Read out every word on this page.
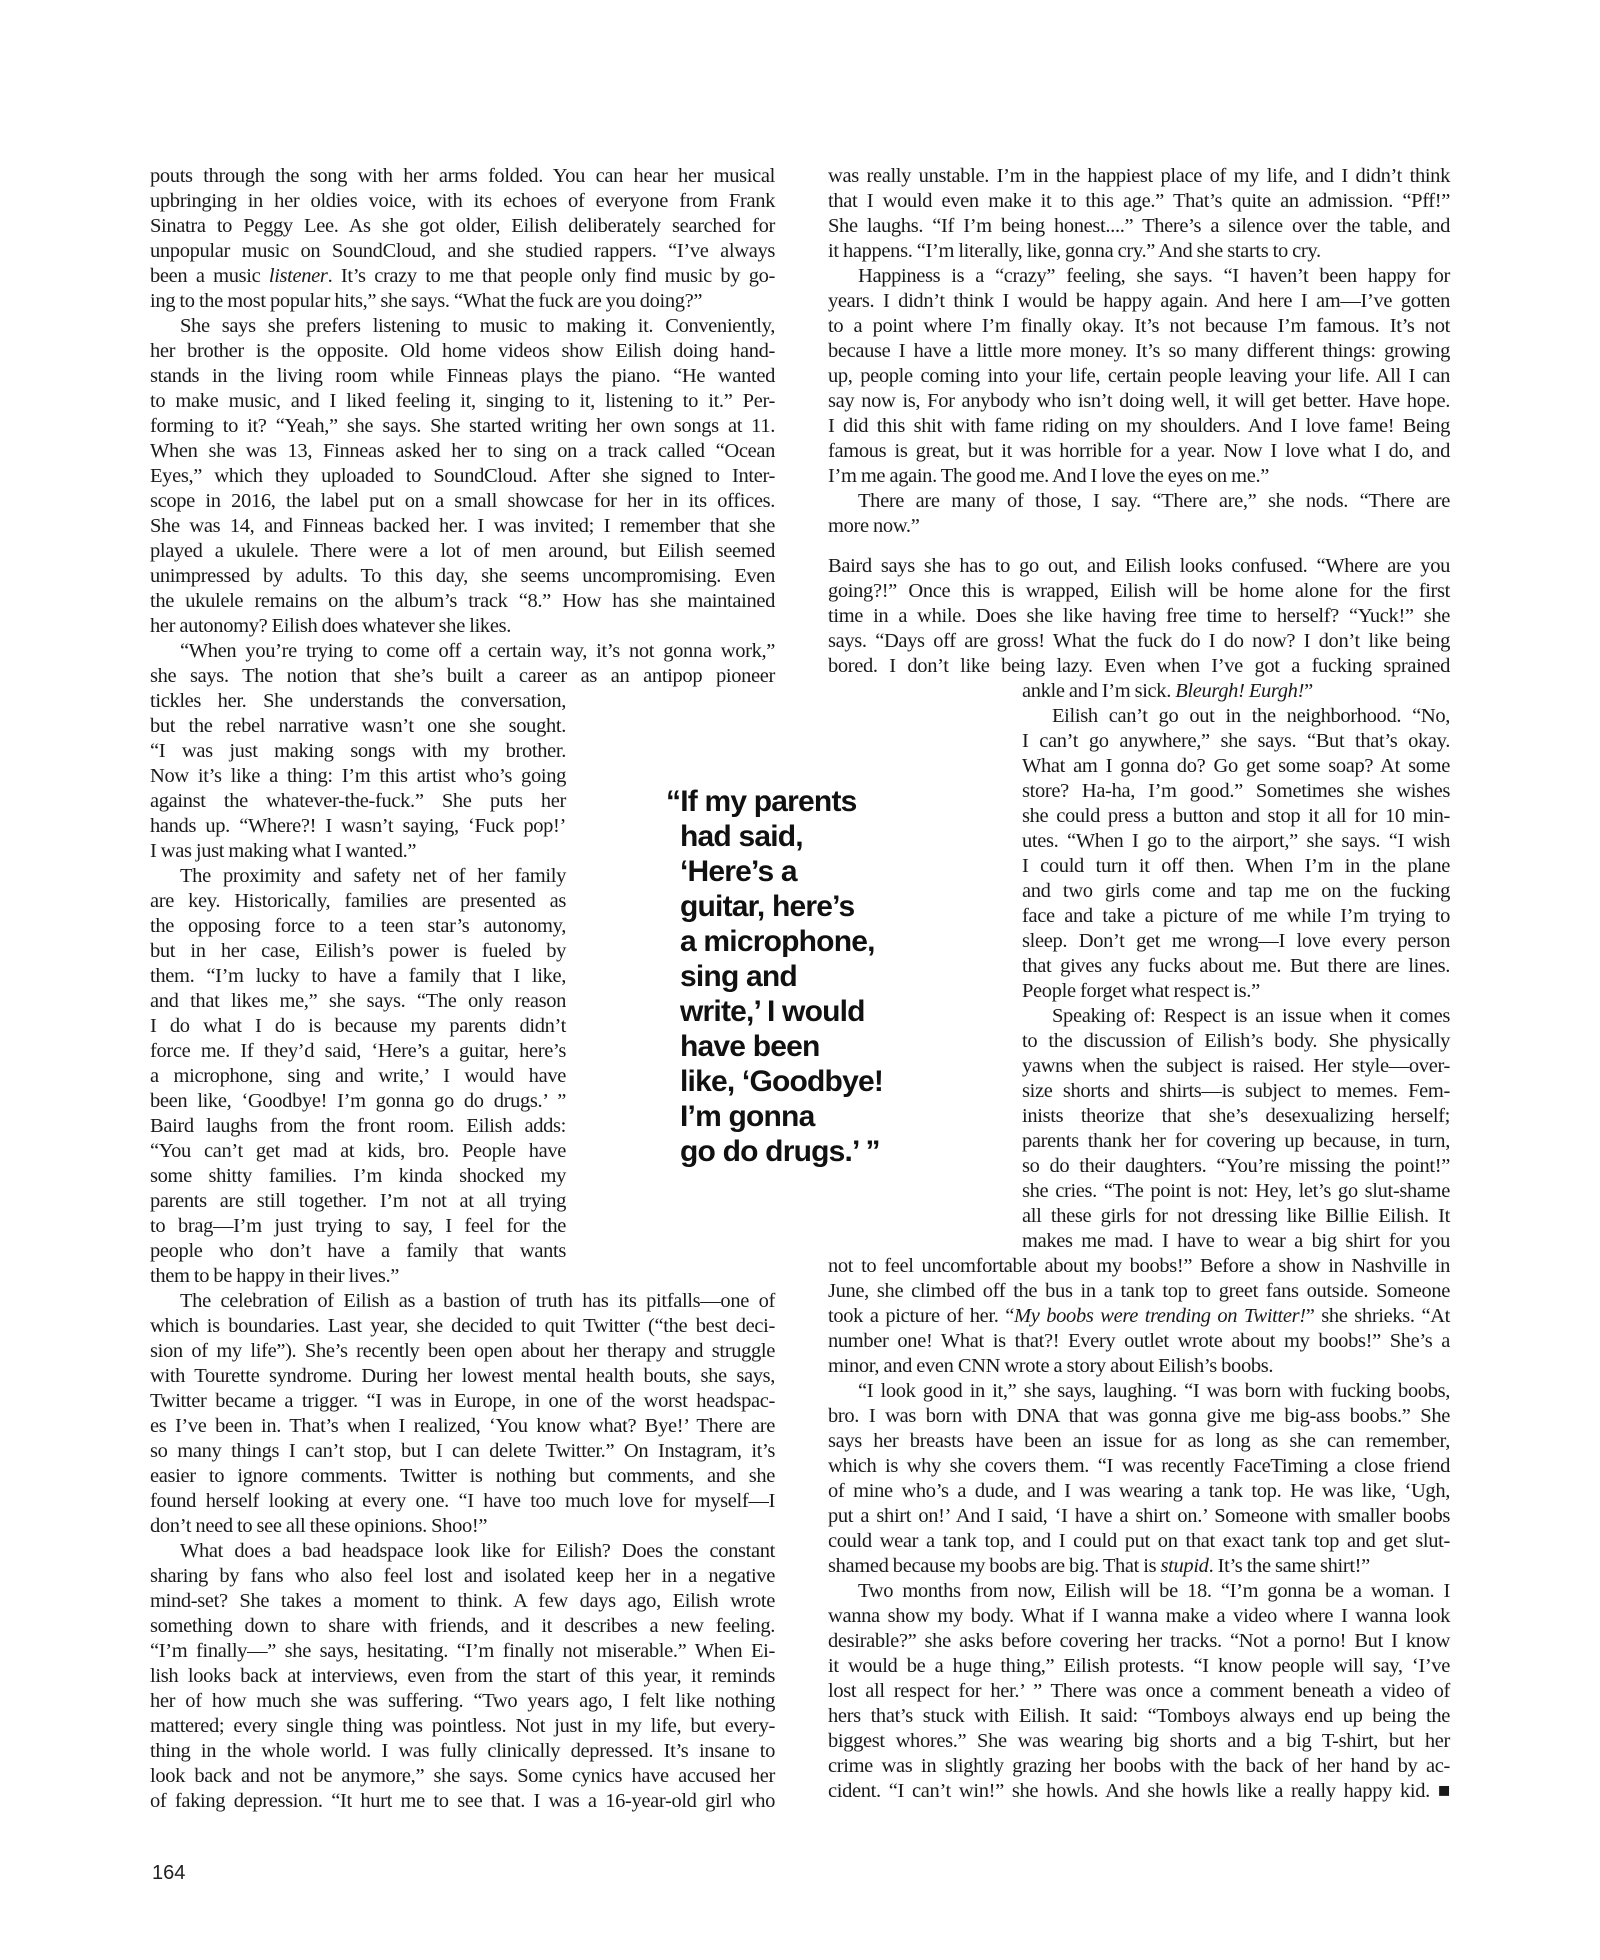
pouts through the song with her arms folded. You can hear her musical
upbringing in her oldies voice, with its echoes of everyone from Frank
Sinatra to Peggy Lee. As she got older, Eilish deliberately searched for
unpopular music on SoundCloud, and she studied rappers. “I’ve always
been a music listener. It’s crazy to me that people only find music by go-
ing to the most popular hits,” she says. “What the fuck are you doing?”
She says she prefers listening to music to making it. Conveniently,
her brother is the opposite. Old home videos show Eilish doing hand-
stands in the living room while Finneas plays the piano. “He wanted
to make music, and I liked feeling it, singing to it, listening to it.” Per-
forming to it? “Yeah,” she says. She started writing her own songs at 11.
When she was 13, Finneas asked her to sing on a track called “Ocean
Eyes,” which they uploaded to SoundCloud. After she signed to Inter-
scope in 2016, the label put on a small showcase for her in its offices.
She was 14, and Finneas backed her. I was invited; I remember that she
played a ukulele. There were a lot of men around, but Eilish seemed
unimpressed by adults. To this day, she seems uncompromising. Even
the ukulele remains on the album’s track “8.” How has she maintained
her autonomy? Eilish does whatever she likes.
“When you’re trying to come off a certain way, it’s not gonna work,”
she says. The notion that she’s built a career as an antipop pioneer
tickles her. She understands the conversation,
but the rebel narrative wasn’t one she sought.
“I was just making songs with my brother.
Now it’s like a thing: I’m this artist who’s going
against the whatever-the-fuck.” She puts her
hands up. “Where?! I wasn’t saying, ‘Fuck pop!’
I was just making what I wanted.”
The proximity and safety net of her family
are key. Historically, families are presented as
the opposing force to a teen star’s autonomy,
but in her case, Eilish’s power is fueled by
them. “I’m lucky to have a family that I like,
and that likes me,” she says. “The only reason
I do what I do is because my parents didn’t
force me. If they’d said, ‘Here’s a guitar, here’s
a microphone, sing and write,’ I would have
been like, ‘Goodbye! I’m gonna go do drugs.’ ”
Baird laughs from the front room. Eilish adds:
“You can’t get mad at kids, bro. People have
some shitty families. I’m kinda shocked my
parents are still together. I’m not at all trying
to brag—I’m just trying to say, I feel for the
people who don’t have a family that wants
them to be happy in their lives.”
The celebration of Eilish as a bastion of truth has its pitfalls—one of
which is boundaries. Last year, she decided to quit Twitter (“the best deci-
sion of my life”). She’s recently been open about her therapy and struggle
with Tourette syndrome. During her lowest mental health bouts, she says,
Twitter became a trigger. “I was in Europe, in one of the worst headspac-
es I’ve been in. That’s when I realized, ‘You know what? Bye!’ There are
so many things I can’t stop, but I can delete Twitter.” On Instagram, it’s
easier to ignore comments. Twitter is nothing but comments, and she
found herself looking at every one. “I have too much love for myself—I
don’t need to see all these opinions. Shoo!”
What does a bad headspace look like for Eilish? Does the constant
sharing by fans who also feel lost and isolated keep her in a negative
mind-set? She takes a moment to think. A few days ago, Eilish wrote
something down to share with friends, and it describes a new feeling.
“I’m finally—” she says, hesitating. “I’m finally not miserable.” When Ei-
lish looks back at interviews, even from the start of this year, it reminds
her of how much she was suffering. “Two years ago, I felt like nothing
mattered; every single thing was pointless. Not just in my life, but every-
thing in the whole world. I was fully clinically depressed. It’s insane to
look back and not be anymore,” she says. Some cynics have accused her
of faking depression. “It hurt me to see that. I was a 16-year-old girl who
was really unstable. I’m in the happiest place of my life, and I didn’t think
that I would even make it to this age.” That’s quite an admission. “Pff!”
She laughs. “If I’m being honest....” There’s a silence over the table, and
it happens. “I’m literally, like, gonna cry.” And she starts to cry.
Happiness is a “crazy” feeling, she says. “I haven’t been happy for
years. I didn’t think I would be happy again. And here I am—I’ve gotten
to a point where I’m finally okay. It’s not because I’m famous. It’s not
because I have a little more money. It’s so many different things: growing
up, people coming into your life, certain people leaving your life. All I can
say now is, For anybody who isn’t doing well, it will get better. Have hope.
I did this shit with fame riding on my shoulders. And I love fame! Being
famous is great, but it was horrible for a year. Now I love what I do, and
I’m me again. The good me. And I love the eyes on me.”
There are many of those, I say. “There are,” she nods. “There are
more now.”
Baird says she has to go out, and Eilish looks confused. “Where are you
going?!” Once this is wrapped, Eilish will be home alone for the first
time in a while. Does she like having free time to herself? “Yuck!” she
says. “Days off are gross! What the fuck do I do now? I don’t like being
bored. I don’t like being lazy. Even when I’ve got a fucking sprained
ankle and I’m sick. Bleurgh! Eurgh!”
Eilish can’t go out in the neighborhood. “No,
I can’t go anywhere,” she says. “But that’s okay.
What am I gonna do? Go get some soap? At some
store? Ha-ha, I’m good.” Sometimes she wishes
she could press a button and stop it all for 10 min-
utes. “When I go to the airport,” she says. “I wish
I could turn it off then. When I’m in the plane
and two girls come and tap me on the fucking
face and take a picture of me while I’m trying to
sleep. Don’t get me wrong—I love every person
that gives any fucks about me. But there are lines.
People forget what respect is.”
Speaking of: Respect is an issue when it comes
to the discussion of Eilish’s body. She physically
yawns when the subject is raised. Her style—over-
size shorts and shirts—is subject to memes. Fem-
inists theorize that she’s desexualizing herself;
parents thank her for covering up because, in turn,
so do their daughters. “You’re missing the point!”
she cries. “The point is not: Hey, let’s go slut-shame
all these girls for not dressing like Billie Eilish. It
makes me mad. I have to wear a big shirt for you
not to feel uncomfortable about my boobs!” Before a show in Nashville in
June, she climbed off the bus in a tank top to greet fans outside. Someone
took a picture of her. “My boobs were trending on Twitter!” she shrieks. “At
number one! What is that?! Every outlet wrote about my boobs!” She’s a
minor, and even CNN wrote a story about Eilish’s boobs.
“I look good in it,” she says, laughing. “I was born with fucking boobs,
bro. I was born with DNA that was gonna give me big-ass boobs.” She
says her breasts have been an issue for as long as she can remember,
which is why she covers them. “I was recently FaceTiming a close friend
of mine who’s a dude, and I was wearing a tank top. He was like, ‘Ugh,
put a shirt on!’ And I said, ‘I have a shirt on.’ Someone with smaller boobs
could wear a tank top, and I could put on that exact tank top and get slut-
shamed because my boobs are big. That is stupid. It’s the same shirt!”
Two months from now, Eilish will be 18. “I’m gonna be a woman. I
wanna show my body. What if I wanna make a video where I wanna look
desirable?” she asks before covering her tracks. “Not a porno! But I know
it would be a huge thing,” Eilish protests. “I know people will say, ‘I’ve
lost all respect for her.’ ” There was once a comment beneath a video of
hers that’s stuck with Eilish. It said: “Tomboys always end up being the
biggest whores.” She was wearing big shorts and a big T-shirt, but her
crime was in slightly grazing her boobs with the back of her hand by ac-
cident. “I can’t win!” she howls. And she howls like a really happy kid. ■
“If my parents
had said,
‘Here’s a
guitar, here’s
a microphone,
sing and
write,’ I would
have been
like, ‘Goodbye!
I’m gonna
go do drugs.’ ”
164
